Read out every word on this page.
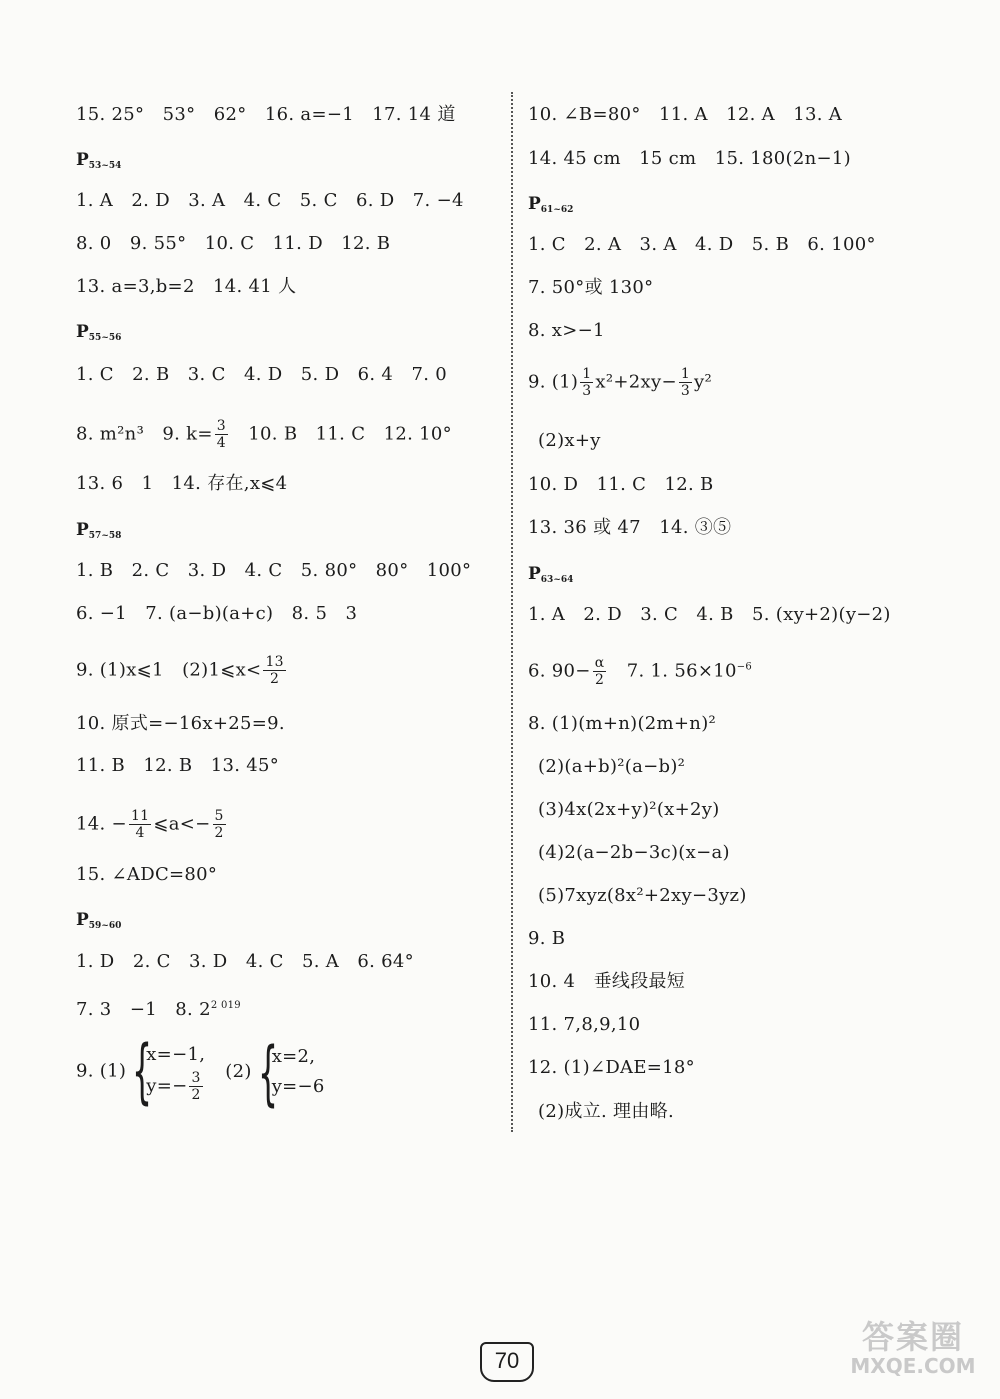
15. 25°　53°　62°　16. a=−1　17. 14 道
$P_{53\sim 54}$
1. A　2. D　3. A　4. C　5. C　6. D　7. −4
8. 0　9. 55°　10. C　11. D　12. B
13. a=3,b=2　14. 41 人
$P_{55\sim 56}$
1. C　2. B　3. C　4. D　5. D　6. 4　7. 0
8. m²n³　9. $k= \frac{3}{4}$ 　10. B　11. C　12. 10°
13. 6　1　14. 存在,x⩽4
$P_{57\sim 58}$
1. B　2. C　3. D　4. C　5. 80°　80°　100°
6. −1　7. (a−b)(a+c)　8. 5　3
9. (1)x⩽1　(2)1⩽x< $\frac{13}{2}$
10. 原式=−16x+25=9.
11. B　12. B　13. 45°
14. − $\frac{11}{4}$ ⩽a<− $\frac{5}{2}$
15. ∠ADC=80°
$P_{59\sim 60}$
1. D　2. C　3. D　4. C　5. A　6. 64°
7. 3　−1　8. $2^{2 019}$
9. (1) {
x=−1,
$y=- \frac{3}{2} (2)$ {
x=2,
y=−6
10. ∠B=80°　11. A　12. A　13. A
14. 45 cm　15 cm　15. 180(2n−1)
$P_{61\sim 62}$
1. C　2. A　3. A　4. D　5. B　6. 100°
7. 50°或 130°
8. x>−1
9. $(1) \frac{1}{3} x^2+2xy- \frac{1}{3} y^2$
(2)x+y
10. D　11. C　12. B
13. 36 或 47　14. ③⑤
$P_{63\sim 64}$
1. A　2. D　3. C　4. B　5. (xy+2)(y−2)
6. $90- \frac{\alpha}{2}$ 　7. 1. $56\times 10^{-6}$
8. (1)(m+n)(2m+n)²
(2)(a+b)²(a−b)²
(3)4x(2x+y)²(x+2y)
(4)2(a−2b−3c)(x−a)
(5)7xyz(8x²+2xy−3yz)
9. B
10. 4　垂线段最短
11. 7,8,9,10
12. (1)∠DAE=18°
(2)成立. 理由略.
70
答案圈
MXQE.COM
